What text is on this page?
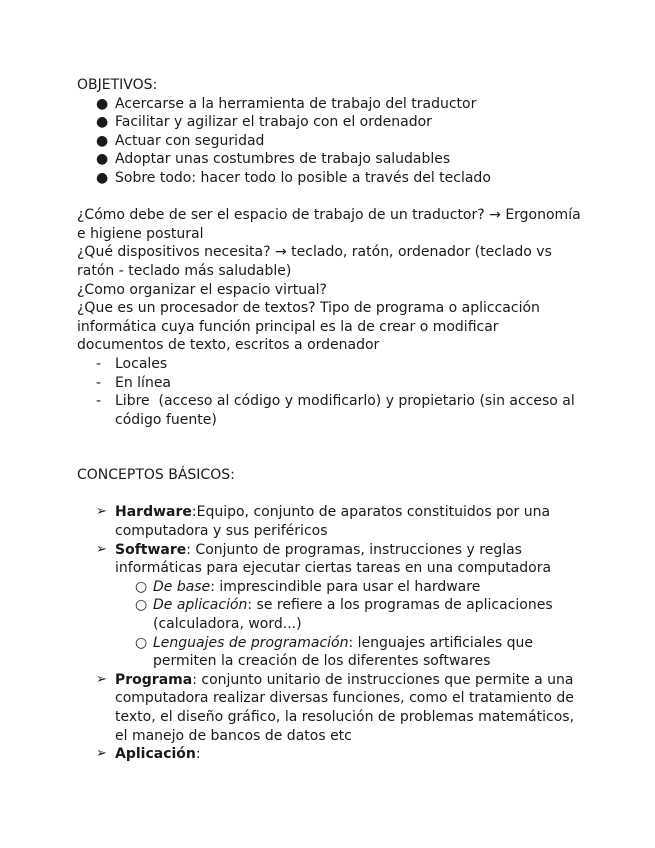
OBJETIVOS:

● Acercarse a la herramienta de trabajo del traductor
● Facilitar y agilizar el trabajo con el ordenador
● Actuar con seguridad
● Adoptar unas costumbres de trabajo saludables
● Sobre todo: hacer todo lo posible a través del teclado

¿Cómo debe de ser el espacio de trabajo de un traductor? → Ergonomía e higiene postural

¿Qué dispositivos necesita? → teclado, ratón, ordenador (teclado vs ratón - teclado más saludable)

¿Como organizar el espacio virtual?

¿Que es un procesador de textos? Tipo de programa o apliccación informática cuya función principal es la de crear o modificar documentos de texto, escritos a ordenador

- Locales
- En línea
- Libre  (acceso al código y modificarlo) y propietario (sin acceso al código fuente)

CONCEPTOS BÁSICOS:

➢ Hardware:Equipo, conjunto de aparatos constituidos por una computadora y sus periféricos
➢ Software: Conjunto de programas, instrucciones y reglas informáticas para ejecutar ciertas tareas en una computadora
○ De base: imprescindible para usar el hardware
○ De aplicación: se refiere a los programas de aplicaciones (calculadora, word...)
○ Lenguajes de programación: lenguajes artificiales que permiten la creación de los diferentes softwares
➢ Programa: conjunto unitario de instrucciones que permite a una computadora realizar diversas funciones, como el tratamiento de texto, el diseño gráfico, la resolución de problemas matemáticos, el manejo de bancos de datos etc
➢ Aplicación:
